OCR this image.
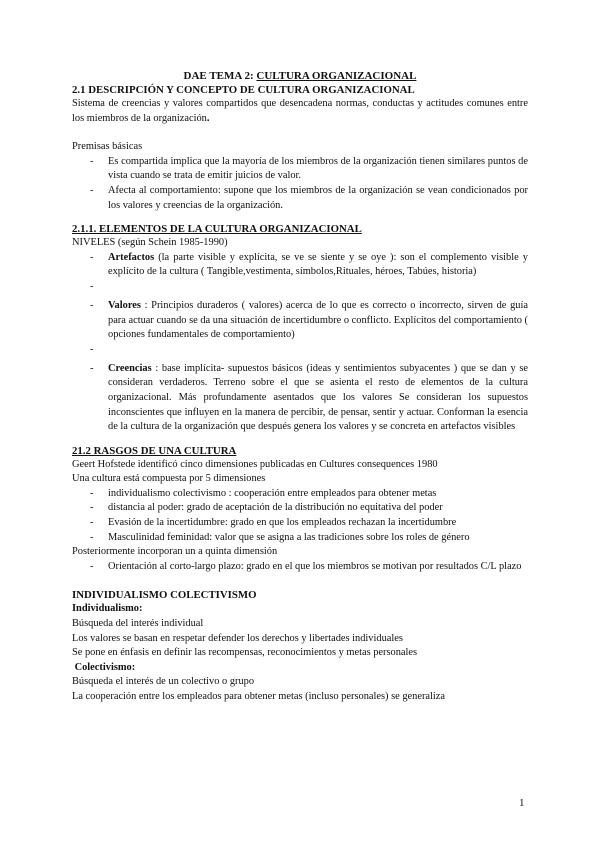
DAE TEMA 2: CULTURA ORGANIZACIONAL

2.1 DESCRIPCIÓN Y CONCEPTO DE CULTURA ORGANIZACIONAL

Sistema de creencias y valores compartidos que desencadena normas, conductas y actitudes comunes entre los miembros de la organización.

Premisas básicas

- Es compartida implica que la mayoría de los miembros de la organización tienen similares puntos de vista cuando se trata de emitir juicios de valor.
- Afecta al comportamiento: supone que los miembros de la organización se vean condicionados por los valores y creencias de la organización.
2.1.1. ELEMENTOS DE LA CULTURA ORGANIZACIONAL

NIVELES (según Schein 1985-1990)

- Artefactos (la parte visible y explícita, se ve se siente y se oye ): son el complemento visible y explícito de la cultura ( Tangible,vestimenta, símbolos,Rituales, héroes, Tabúes, historia)
-
- Valores : Principios duraderos ( valores) acerca de lo que es correcto o incorrecto, sirven de guía para actuar cuando se da una situación de incertidumbre o conflicto. Explícitos del comportamiento ( opciones fundamentales de comportamiento)
-
- Creencias : base implícita- supuestos básicos (ideas y sentimientos subyacentes ) que se dan y se consideran verdaderos. Terreno sobre el que se asienta el resto de elementos de la cultura organizacional. Más profundamente asentados que los valores Se consideran los supuestos inconscientes que influyen en la manera de percibir, de pensar, sentir y actuar. Conforman la esencia de la cultura de la organización que después genera los valores y se concreta en artefactos visibles
21.2 RASGOS DE UNA CULTURA

Geert Hofstede identificó cinco dimensiones publicadas en Cultures consequences 1980

Una cultura está compuesta por 5 dimensiones

- individualismo colectivismo : cooperación entre empleados para obtener metas
- distancia al poder: grado de aceptación de la distribución no equitativa del poder
- Evasión de la incertidumbre: grado en que los empleados rechazan la incertidumbre
- Masculinidad feminidad: valor que se asigna a las tradiciones sobre los roles de género

Posteriormente incorporan un a quinta dimensión

- Orientación al corto-largo plazo: grado en el que los miembros se motivan por resultados C/L plazo
INDIVIDUALISMO COLECTIVISMO

Individualismo:

Búsqueda del interés individual

Los valores se basan en respetar defender los derechos y libertades individuales

Se pone en énfasis en definir las recompensas, reconocimientos y metas personales

Colectivismo:

Búsqueda el interés de un colectivo o grupo

La cooperación entre los empleados para obtener metas (incluso personales) se generaliza

1
